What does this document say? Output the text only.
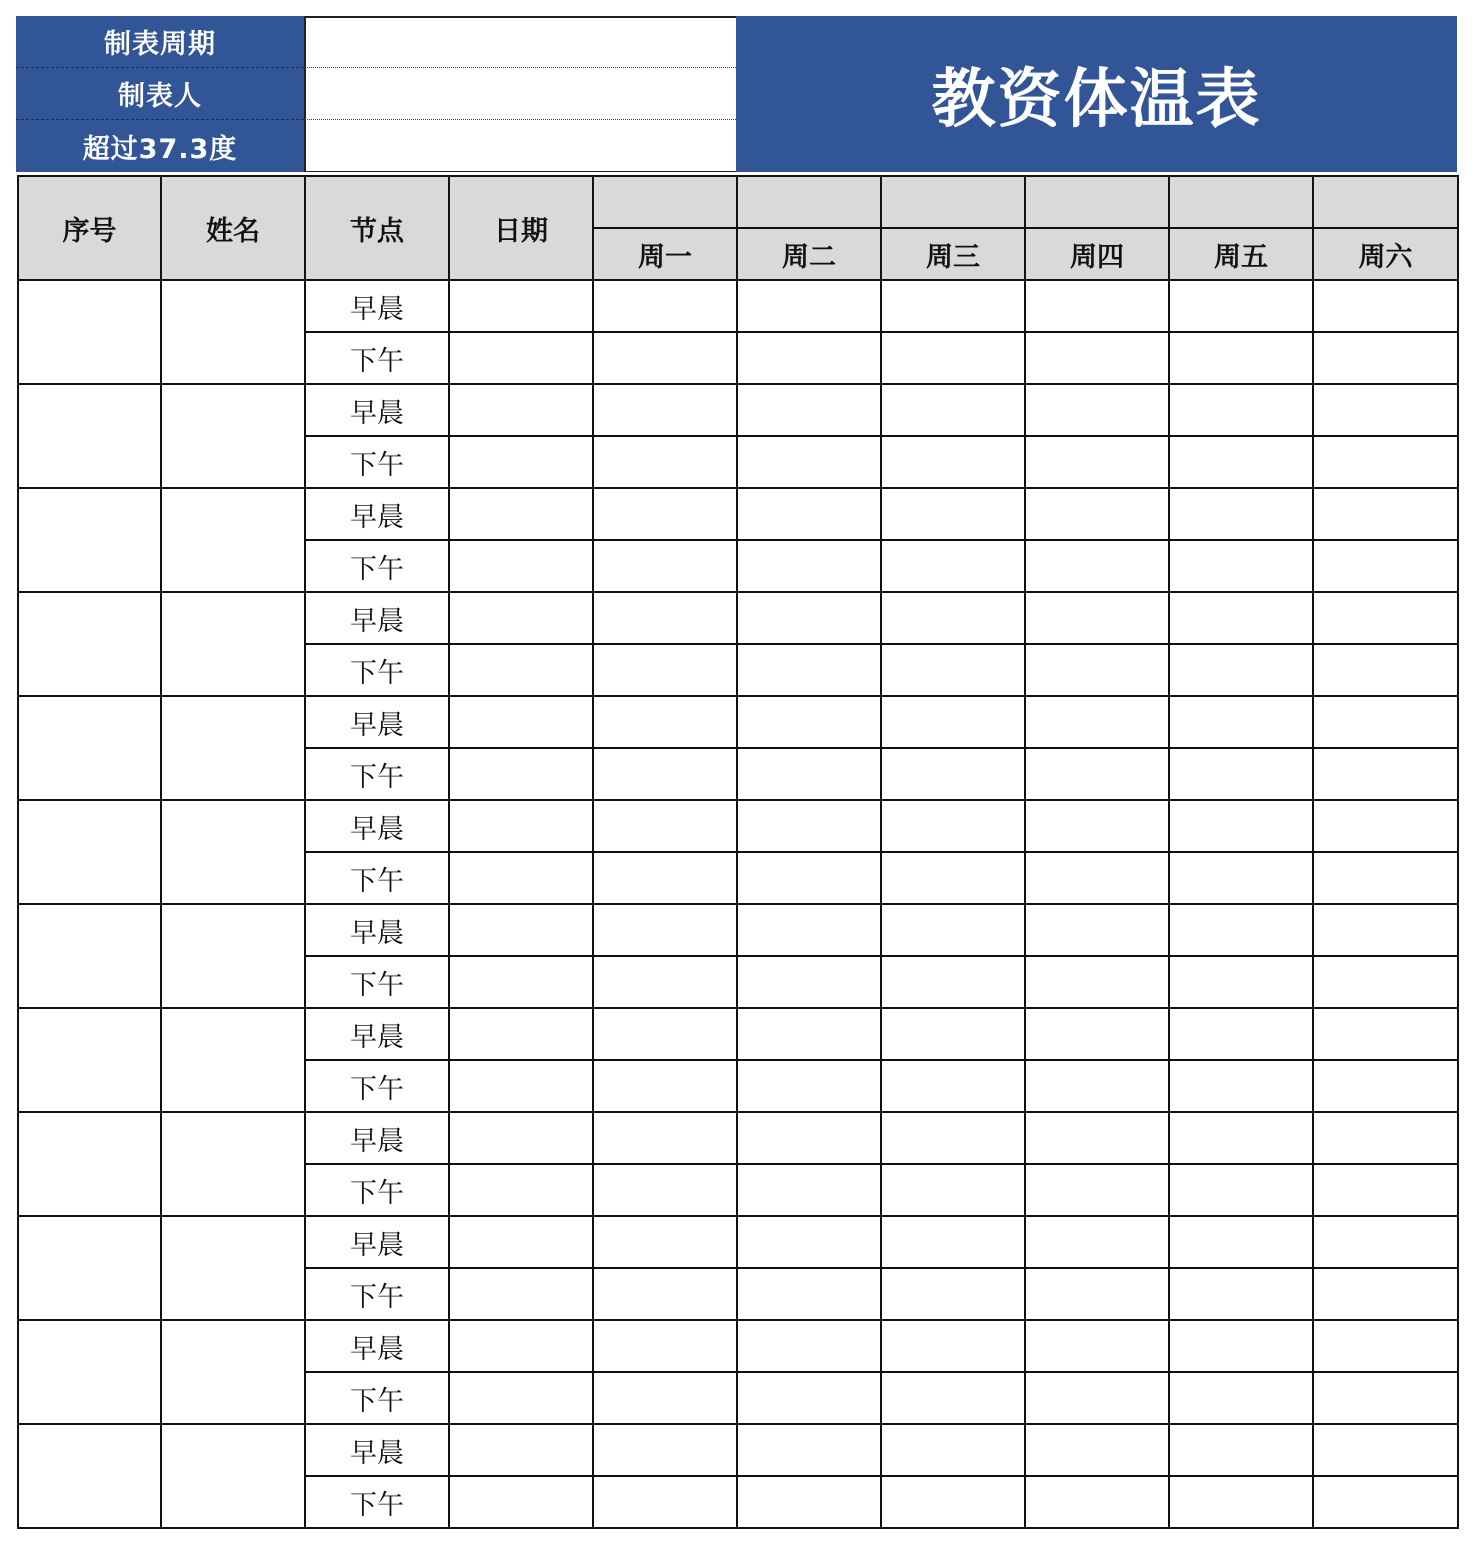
制表周期
制表人
超过37.3度
教资体温表
序号	姓名	节点	日期						
				周一	周二	周三	周四	周五	周六
		早晨							
		下午							
		早晨							
		下午							
		早晨							
		下午							
		早晨							
		下午							
		早晨							
		下午							
		早晨							
		下午							
		早晨							
		下午							
		早晨							
		下午							
		早晨							
		下午							
		早晨							
		下午							
		早晨							
		下午							
		早晨							
		下午							
